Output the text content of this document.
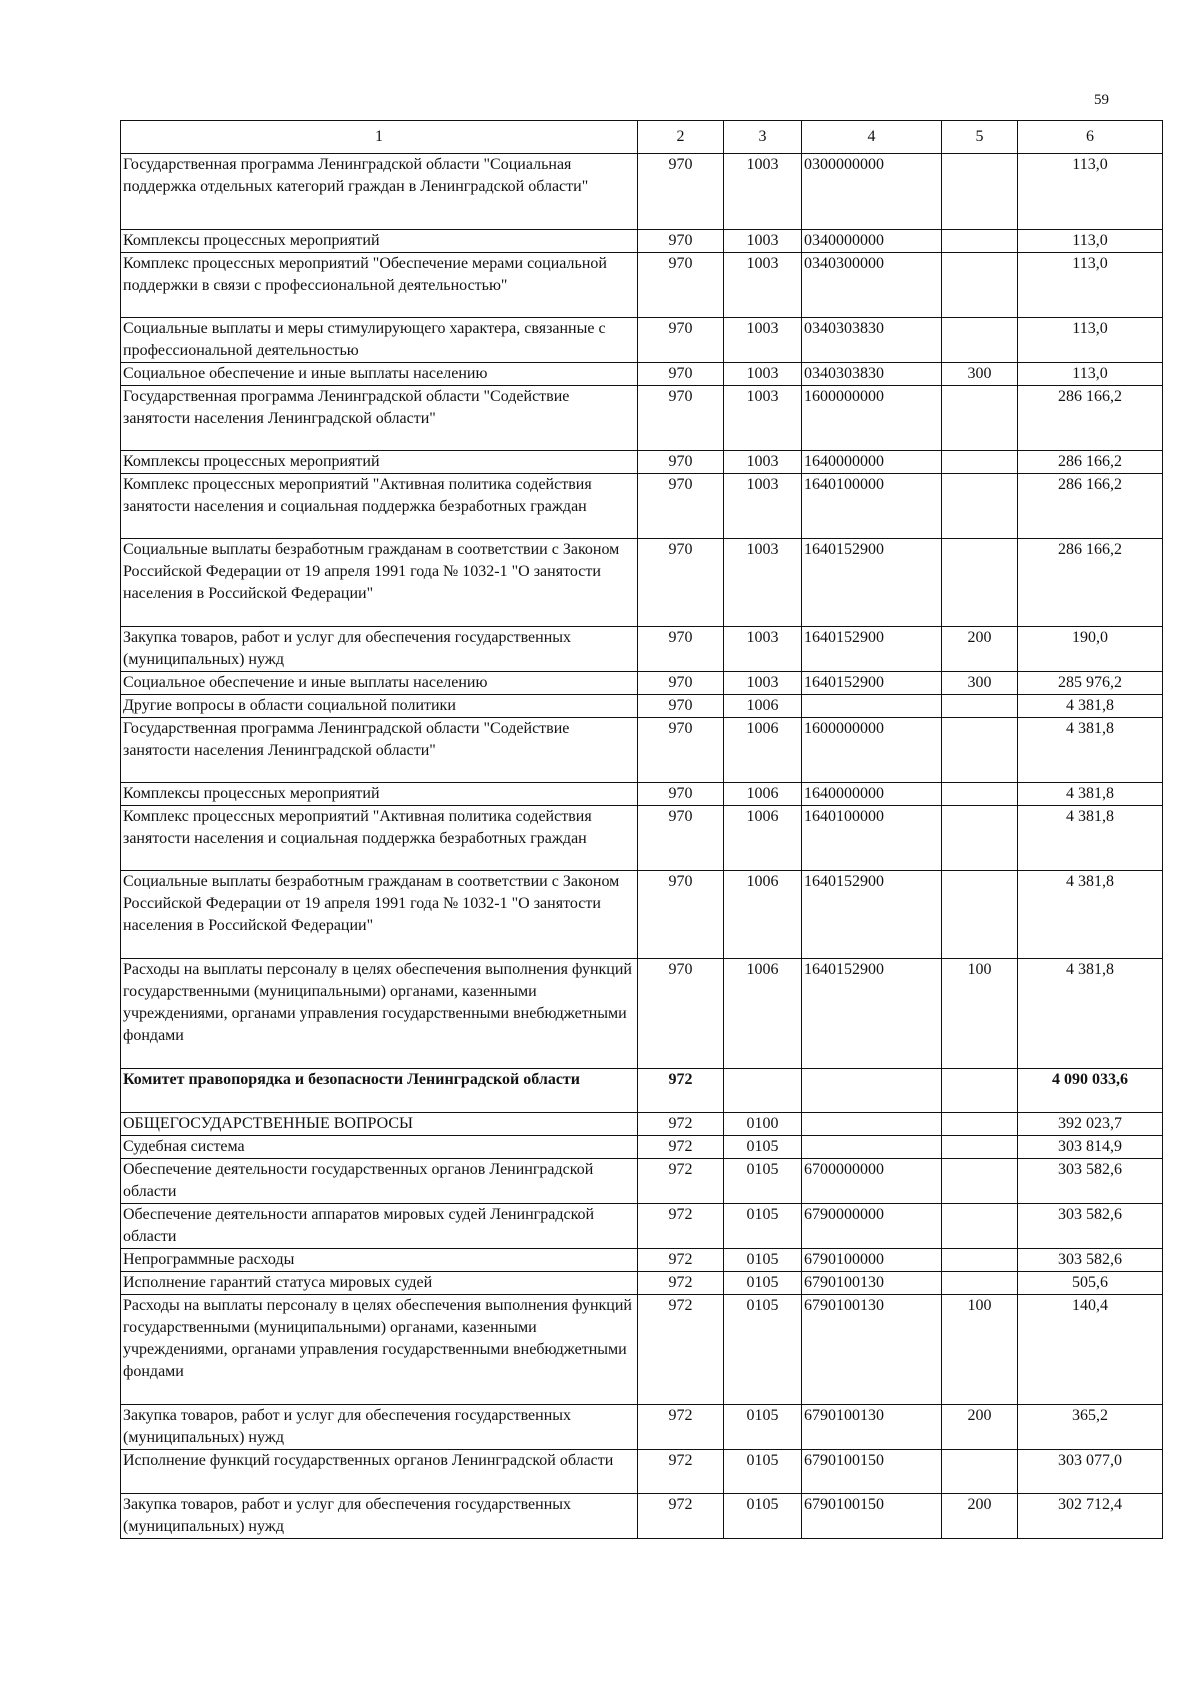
59
1	2	3	4	5	6
Государственная программа Ленинградской области "Социальная поддержка отдельных категорий граждан в Ленинградской области"	970	1003	0300000000		113,0
Комплексы процессных мероприятий	970	1003	0340000000		113,0
Комплекс процессных мероприятий "Обеспечение мерами социальной поддержки в связи с профессиональной деятельностью"	970	1003	0340300000		113,0
Социальные выплаты и меры стимулирующего характера, связанные с профессиональной деятельностью	970	1003	0340303830		113,0
Социальное обеспечение и иные выплаты населению	970	1003	0340303830	300	113,0
Государственная программа Ленинградской области "Содействие занятости населения Ленинградской области"	970	1003	1600000000		286 166,2
Комплексы процессных мероприятий	970	1003	1640000000		286 166,2
Комплекс процессных мероприятий "Активная политика содействия занятости населения и социальная поддержка безработных граждан	970	1003	1640100000		286 166,2
Социальные выплаты безработным гражданам в соответствии с Законом Российской Федерации от 19 апреля 1991 года № 1032-1 "О занятости населения в Российской Федерации"	970	1003	1640152900		286 166,2
Закупка товаров, работ и услуг для обеспечения государственных (муниципальных) нужд	970	1003	1640152900	200	190,0
Социальное обеспечение и иные выплаты населению	970	1003	1640152900	300	285 976,2
Другие вопросы в области социальной политики	970	1006			4 381,8
Государственная программа Ленинградской области "Содействие занятости населения Ленинградской области"	970	1006	1600000000		4 381,8
Комплексы процессных мероприятий	970	1006	1640000000		4 381,8
Комплекс процессных мероприятий "Активная политика содействия занятости населения и социальная поддержка безработных граждан	970	1006	1640100000		4 381,8
Социальные выплаты безработным гражданам в соответствии с Законом Российской Федерации от 19 апреля 1991 года № 1032-1 "О занятости населения в Российской Федерации"	970	1006	1640152900		4 381,8
Расходы на выплаты персоналу в целях обеспечения выполнения функций государственными (муниципальными) органами, казенными учреждениями, органами управления государственными внебюджетными фондами	970	1006	1640152900	100	4 381,8
Комитет правопорядка и безопасности Ленинградской области	972				4 090 033,6
ОБЩЕГОСУДАРСТВЕННЫЕ ВОПРОСЫ	972	0100			392 023,7
Судебная система	972	0105			303 814,9
Обеспечение деятельности государственных органов Ленинградской области	972	0105	6700000000		303 582,6
Обеспечение деятельности аппаратов мировых судей Ленинградской области	972	0105	6790000000		303 582,6
Непрограммные расходы	972	0105	6790100000		303 582,6
Исполнение гарантий статуса мировых судей	972	0105	6790100130		505,6
Расходы на выплаты персоналу в целях обеспечения выполнения функций государственными (муниципальными) органами, казенными учреждениями, органами управления государственными внебюджетными фондами	972	0105	6790100130	100	140,4
Закупка товаров, работ и услуг для обеспечения государственных (муниципальных) нужд	972	0105	6790100130	200	365,2
Исполнение функций государственных органов Ленинградской области	972	0105	6790100150		303 077,0
Закупка товаров, работ и услуг для обеспечения государственных (муниципальных) нужд	972	0105	6790100150	200	302 712,4
